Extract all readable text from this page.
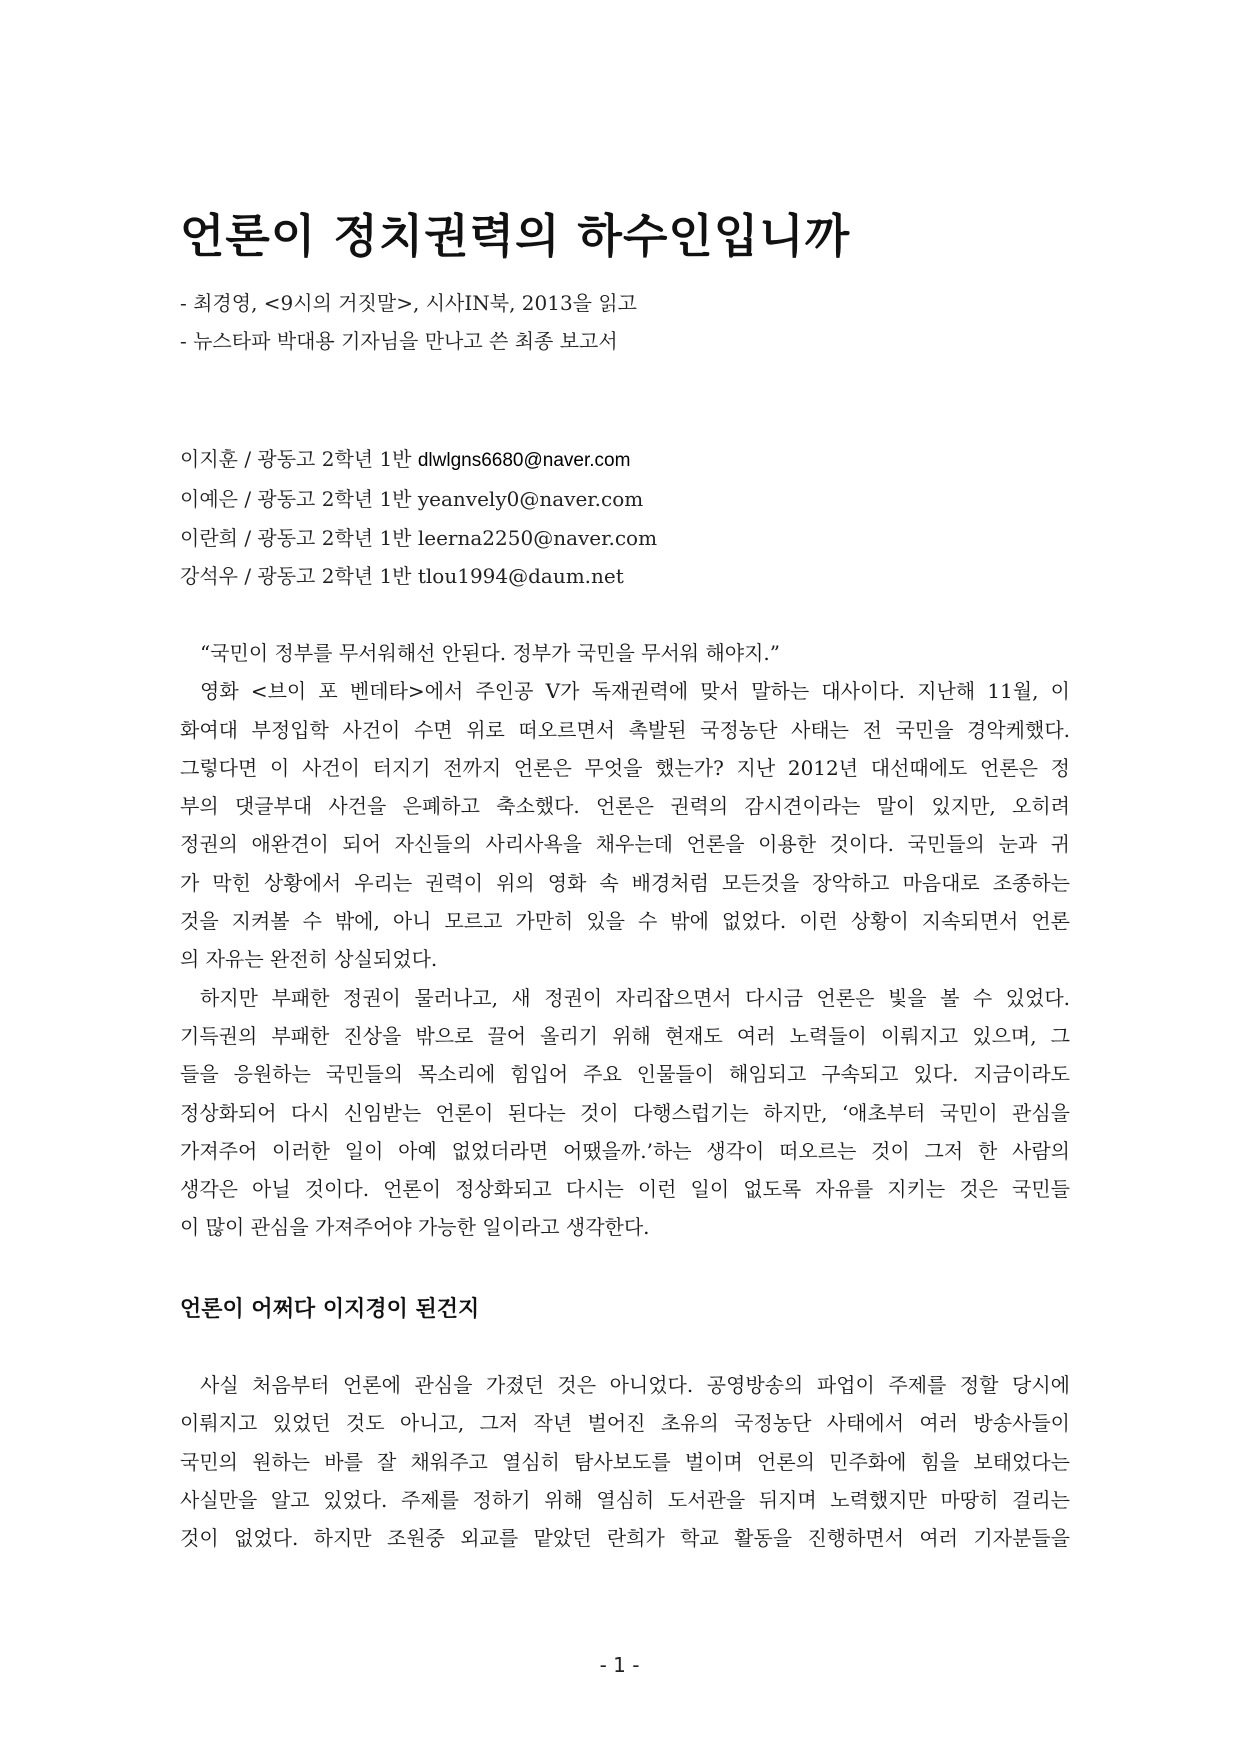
언론이 정치권력의 하수인입니까
- 최경영, <9시의 거짓말>, 시사IN북, 2013을 읽고
- 뉴스타파 박대용 기자님을 만나고 쓴 최종 보고서
이지훈 / 광동고 2학년 1반 dlwlgns6680@naver.com
이예은 / 광동고 2학년 1반 yeanvely0@naver.com
이란희 / 광동고 2학년 1반 leerna2250@naver.com
강석우 / 광동고 2학년 1반 tlou1994@daum.net
“국민이 정부를 무서워해선 안된다. 정부가 국민을 무서워 해야지.”
영화 <브이 포 벤데타>에서 주인공 V가 독재권력에 맞서 말하는 대사이다. 지난해 11월, 이
화여대 부정입학 사건이 수면 위로 떠오르면서 촉발된 국정농단 사태는 전 국민을 경악케했다.
그렇다면 이 사건이 터지기 전까지 언론은 무엇을 했는가? 지난 2012년 대선때에도 언론은 정
부의 댓글부대 사건을 은폐하고 축소했다. 언론은 권력의 감시견이라는 말이 있지만, 오히려
정권의 애완견이 되어 자신들의 사리사욕을 채우는데 언론을 이용한 것이다. 국민들의 눈과 귀
가 막힌 상황에서 우리는 권력이 위의 영화 속 배경처럼 모든것을 장악하고 마음대로 조종하는
것을 지켜볼 수 밖에, 아니 모르고 가만히 있을 수 밖에 없었다. 이런 상황이 지속되면서 언론
의 자유는 완전히 상실되었다.
하지만 부패한 정권이 물러나고, 새 정권이 자리잡으면서 다시금 언론은 빛을 볼 수 있었다.
기득권의 부패한 진상을 밖으로 끌어 올리기 위해 현재도 여러 노력들이 이뤄지고 있으며, 그
들을 응원하는 국민들의 목소리에 힘입어 주요 인물들이 해임되고 구속되고 있다. 지금이라도
정상화되어 다시 신임받는 언론이 된다는 것이 다행스럽기는 하지만, ‘애초부터 국민이 관심을
가져주어 이러한 일이 아예 없었더라면 어땠을까.’하는 생각이 떠오르는 것이 그저 한 사람의
생각은 아닐 것이다. 언론이 정상화되고 다시는 이런 일이 없도록 자유를 지키는 것은 국민들
이 많이 관심을 가져주어야 가능한 일이라고 생각한다.
언론이 어쩌다 이지경이 된건지
사실 처음부터 언론에 관심을 가졌던 것은 아니었다. 공영방송의 파업이 주제를 정할 당시에
이뤄지고 있었던 것도 아니고, 그저 작년 벌어진 초유의 국정농단 사태에서 여러 방송사들이
국민의 원하는 바를 잘 채워주고 열심히 탐사보도를 벌이며 언론의 민주화에 힘을 보태었다는
사실만을 알고 있었다. 주제를 정하기 위해 열심히 도서관을 뒤지며 노력했지만 마땅히 걸리는
것이 없었다. 하지만 조원중 외교를 맡았던 란희가 학교 활동을 진행하면서 여러 기자분들을
- 1 -
